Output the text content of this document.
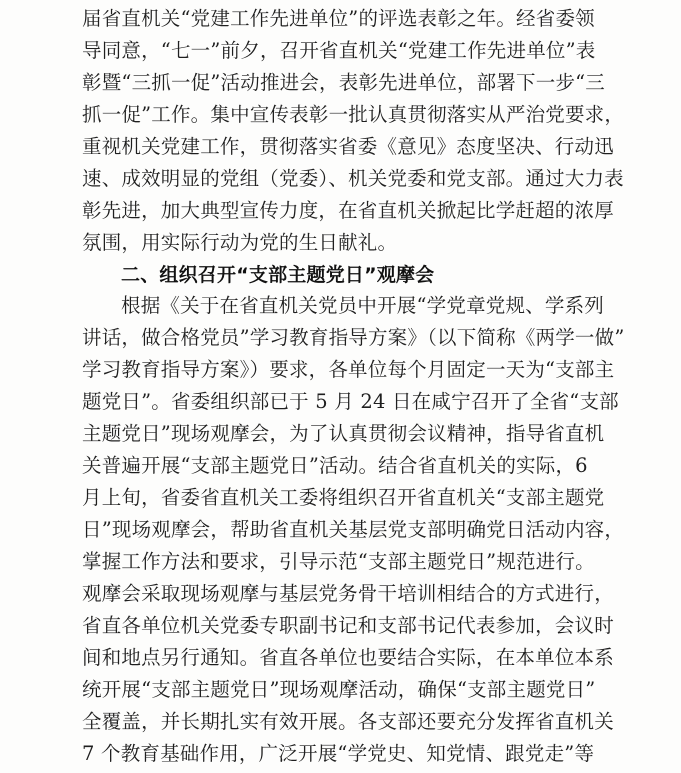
届省直机关“党建工作先进单位”的评选表彰之年。经省委领
导同意，“七一”前夕，召开省直机关“党建工作先进单位”表
彰暨“三抓一促”活动推进会，表彰先进单位，部署下一步“三
抓一促”工作。集中宣传表彰一批认真贯彻落实从严治党要求，
重视机关党建工作，贯彻落实省委《意见》态度坚决、行动迅
速、成效明显的党组（党委）、机关党委和党支部。通过大力表
彰先进，加大典型宣传力度，在省直机关掀起比学赶超的浓厚
氛围，用实际行动为党的生日献礼。
二、组织召开“支部主题党日”观摩会
根据《关于在省直机关党员中开展“学党章党规、学系列
讲话，做合格党员”学习教育指导方案》（以下简称《两学一做”
学习教育指导方案》）要求，各单位每个月固定一天为“支部主
题党日”。省委组织部已于 5 月 24 日在咸宁召开了全省“支部
主题党日”现场观摩会，为了认真贯彻会议精神，指导省直机
关普遍开展“支部主题党日”活动。结合省直机关的实际，6
月上旬，省委省直机关工委将组织召开省直机关“支部主题党
日”现场观摩会，帮助省直机关基层党支部明确党日活动内容，
掌握工作方法和要求，引导示范“支部主题党日”规范进行。
观摩会采取现场观摩与基层党务骨干培训相结合的方式进行，
省直各单位机关党委专职副书记和支部书记代表参加，会议时
间和地点另行通知。省直各单位也要结合实际，在本单位本系
统开展“支部主题党日”现场观摩活动，确保“支部主题党日”
全覆盖，并长期扎实有效开展。各支部还要充分发挥省直机关
7 个教育基础作用，广泛开展“学党史、知党情、跟党走”等
